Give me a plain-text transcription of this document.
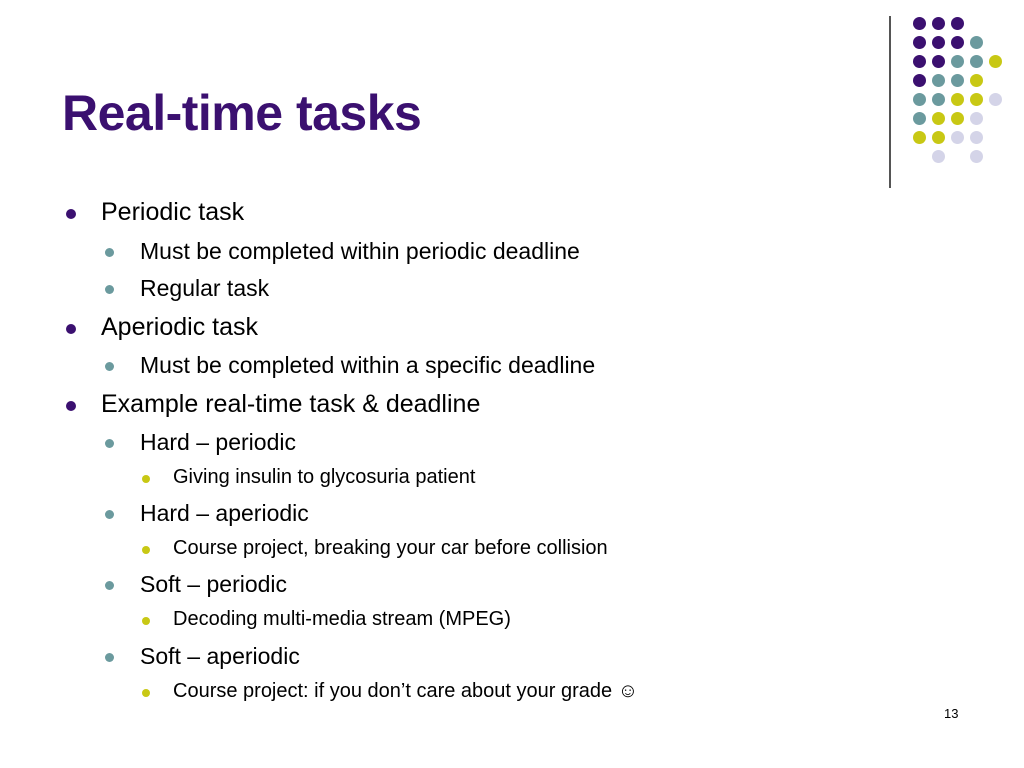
Real-time tasks
Periodic task
Must be completed within periodic deadline
Regular task
Aperiodic task
Must be completed within a specific deadline
Example real-time task & deadline
Hard – periodic
Giving insulin to glycosuria patient
Hard – aperiodic
Course project, breaking your car before collision
Soft – periodic
Decoding multi-media stream (MPEG)
Soft – aperiodic
Course project: if you don’t care about your grade ☺
13
